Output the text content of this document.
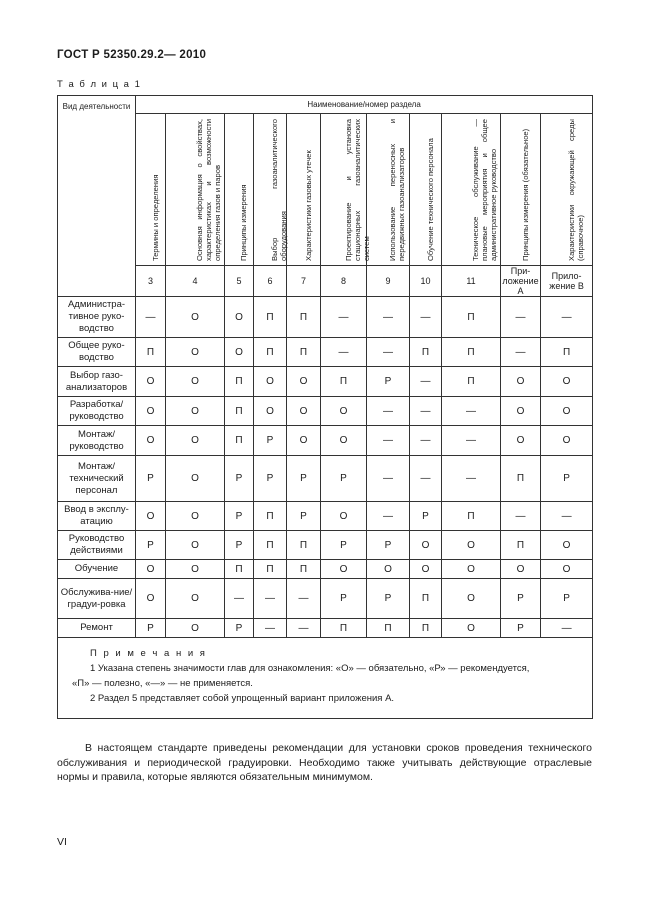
ГОСТ Р 52350.29.2— 2010
Т а б л и ц а 1
Вид деятельности	Наименование/номер раздела										

	Термины и определения	Основная информация о свойствах, характеристиках и возможности определения газов и паров	Принципы измерения	Выбор газоаналитического оборудования	Характеристики газовых утечек	Проектирование и установка стационарных газоаналитических систем	Использование переносных и передвижных газоанализаторов	Обучение технического персонала	Техническое обслуживание — плановые мероприятия и общее административное руководство	Принципы измерения (обязательное)	Характеристики окружающей среды (справочное)

	3	4	5	6	7	8	9	10	11	При-ложение А	Прило-жение В
Администра-тивное руко-водство	—	О	О	П	П	—	—	—	П	—	—
Общее руко-водство	П	О	О	П	П	—	—	П	П	—	П
Выбор газо-анализаторов	О	О	П	О	О	П	Р	—	П	О	О
Разработка/ руководство	О	О	П	О	О	О	—	—	—	О	О
Монтаж/ руководство	О	О	П	Р	О	О	—	—	—	О	О
Монтаж/ технический персонал	Р	О	Р	Р	Р	Р	—	—	—	П	Р
Ввод в эксплу-атацию	О	О	Р	П	Р	О	—	Р	П	—	—
Руководство действиями	Р	О	Р	П	П	Р	Р	О	О	П	О
Обучение	О	О	П	П	П	О	О	О	О	О	О
Обслужива-ние/ градуи-ровка	О	О	—	—	—	Р	Р	П	О	Р	Р
Ремонт	Р	О	Р	—	—	П	П	П	О	Р	—

П р и м е ч а н и я
1 Указана степень значимости глав для ознакомления: «О» — обязательно, «Р» — рекомендуется,
«П» — полезно, «—» — не применяется.
2 Раздел 5 представляет собой упрощенный вариант приложения А.											
В настоящем стандарте приведены рекомендации для установки сроков проведения технического обслуживания и периодической градуировки. Необходимо также учитывать действующие отраслевые нормы и правила, которые являются обязательным минимумом.
VI
